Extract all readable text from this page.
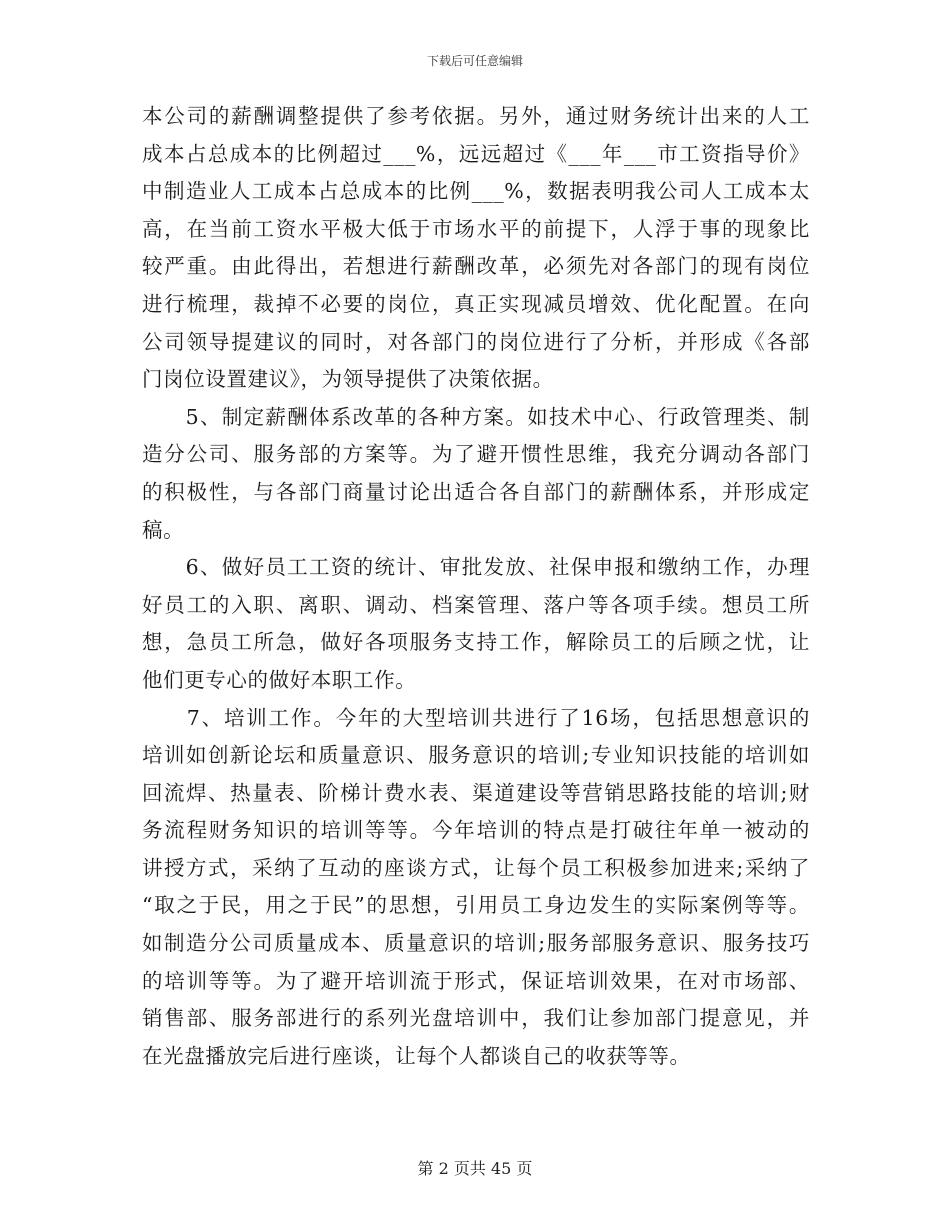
下载后可任意编辑

本公司的薪酬调整提供了参考依据。另外，通过财务统计出来的人工
成本占总成本的比例超过___%，远远超过《___年___市工资指导价》
中制造业人工成本占总成本的比例___%，数据表明我公司人工成本太
高，在当前工资水平极大低于市场水平的前提下，人浮于事的现象比
较严重。由此得出，若想进行薪酬改革，必须先对各部门的现有岗位
进行梳理，裁掉不必要的岗位，真正实现减员增效、优化配置。在向
公司领导提建议的同时，对各部门的岗位进行了分析，并形成《各部
门岗位设置建议》，为领导提供了决策依据。

　　5、制定薪酬体系改革的各种方案。如技术中心、行政管理类、制
造分公司、服务部的方案等。为了避开惯性思维，我充分调动各部门
的积极性，与各部门商量讨论出适合各自部门的薪酬体系，并形成定
稿。

　　6、做好员工工资的统计、审批发放、社保申报和缴纳工作，办理
好员工的入职、离职、调动、档案管理、落户等各项手续。想员工所
想，急员工所急，做好各项服务支持工作，解除员工的后顾之忧，让
他们更专心的做好本职工作。

　　7、培训工作。今年的大型培训共进行了16场，包括思想意识的
培训如创新论坛和质量意识、服务意识的培训;专业知识技能的培训如
回流焊、热量表、阶梯计费水表、渠道建设等营销思路技能的培训;财
务流程财务知识的培训等等。今年培训的特点是打破往年单一被动的
讲授方式，采纳了互动的座谈方式，让每个员工积极参加进来;采纳了
“取之于民，用之于民”的思想，引用员工身边发生的实际案例等等。
如制造分公司质量成本、质量意识的培训;服务部服务意识、服务技巧
的培训等等。为了避开培训流于形式，保证培训效果，在对市场部、
销售部、服务部进行的系列光盘培训中，我们让参加部门提意见，并
在光盘播放完后进行座谈，让每个人都谈自己的收获等等。

第 2 页共 45 页
